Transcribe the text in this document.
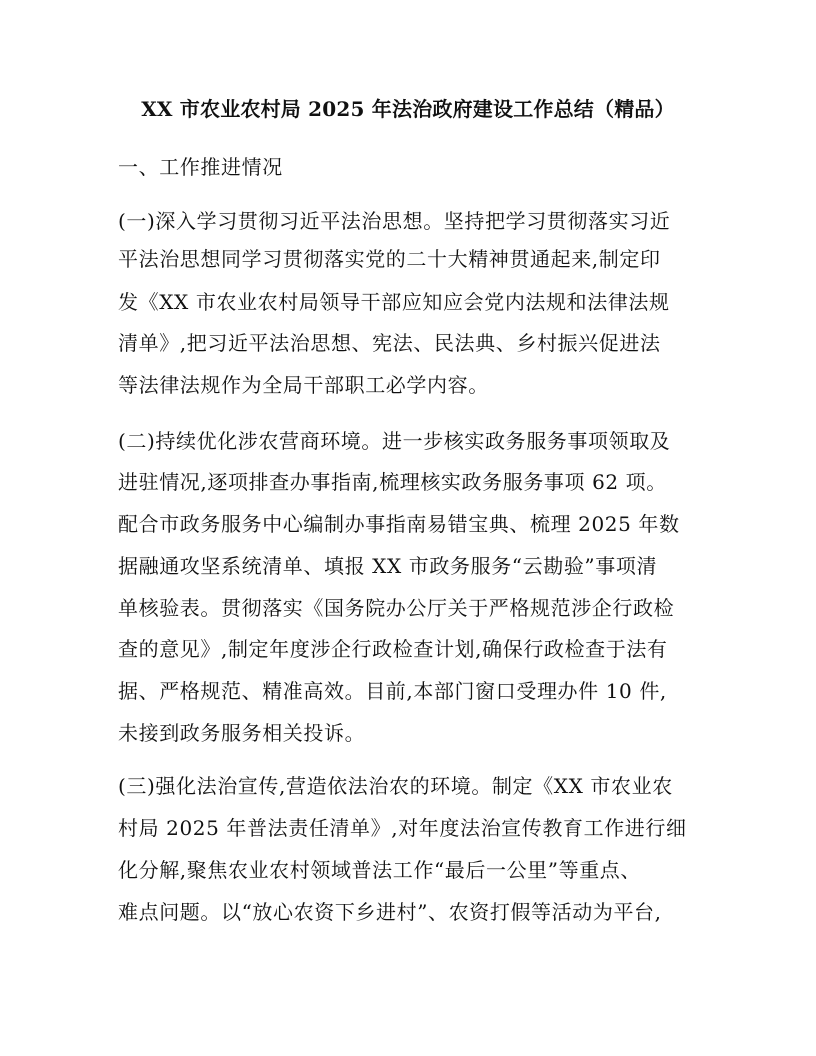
XX 市农业农村局 2025 年法治政府建设工作总结（精品）
一、工作推进情况
(一)深入学习贯彻习近平法治思想。坚持把学习贯彻落实习近
平法治思想同学习贯彻落实党的二十大精神贯通起来,制定印
发《XX 市农业农村局领导干部应知应会党内法规和法律法规
清单》,把习近平法治思想、宪法、民法典、乡村振兴促进法
等法律法规作为全局干部职工必学内容。
(二)持续优化涉农营商环境。进一步核实政务服务事项领取及
进驻情况,逐项排查办事指南,梳理核实政务服务事项 62 项。
配合市政务服务中心编制办事指南易错宝典、梳理 2025 年数
据融通攻坚系统清单、填报 XX 市政务服务“云勘验”事项清
单核验表。贯彻落实《国务院办公厅关于严格规范涉企行政检
查的意见》,制定年度涉企行政检查计划,确保行政检查于法有
据、严格规范、精准高效。目前,本部门窗口受理办件 10 件,
未接到政务服务相关投诉。
(三)强化法治宣传,营造依法治农的环境。制定《XX 市农业农
村局 2025 年普法责任清单》,对年度法治宣传教育工作进行细
化分解,聚焦农业农村领域普法工作“最后一公里”等重点、
难点问题。以“放心农资下乡进村”、农资打假等活动为平台,
